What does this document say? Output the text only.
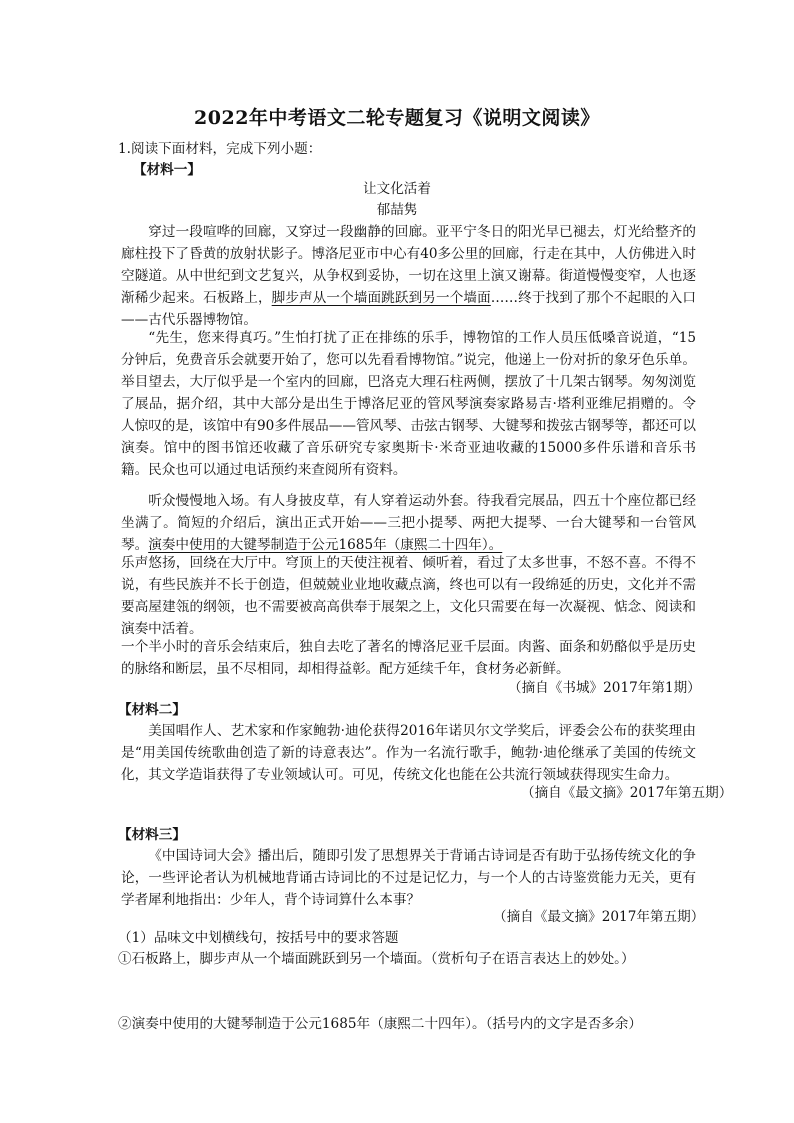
2022年中考语文二轮专题复习《说明文阅读》
1.阅读下面材料，完成下列小题：
【材料一】
让文化活着
郁喆隽
穿过一段喧哗的回廊，又穿过一段幽静的回廊。亚平宁冬日的阳光早已褪去，灯光给整齐的廊柱投下了昏黄的放射状影子。博洛尼亚市中心有40多公里的回廊，行走在其中，人仿佛进入时空隧道。从中世纪到文艺复兴，从争权到妥协，一切在这里上演又谢幕。街道慢慢变窄，人也逐渐稀少起来。石板路上，脚步声从一个墙面跳跃到另一个墙面……终于找到了那个不起眼的入口——古代乐器博物馆。
“先生，您来得真巧。”生怕打扰了正在排练的乐手，博物馆的工作人员压低嗓音说道，“15分钟后，免费音乐会就要开始了，您可以先看看博物馆。”说完，他递上一份对折的象牙色乐单。举目望去，大厅似乎是一个室内的回廊，巴洛克大理石柱两侧，摆放了十几架古钢琴。匆匆浏览了展品，据介绍，其中大部分是出生于博洛尼亚的管风琴演奏家路易吉·塔利亚维尼捐赠的。令人惊叹的是，该馆中有90多件展品——管风琴、击弦古钢琴、大键琴和拨弦古钢琴等，都还可以演奏。馆中的图书馆还收藏了音乐研究专家奥斯卡·米奇亚迪收藏的15000多件乐谱和音乐书籍。民众也可以通过电话预约来查阅所有资料。
听众慢慢地入场。有人身披皮草，有人穿着运动外套。待我看完展品，四五十个座位都已经坐满了。简短的介绍后，演出正式开始——三把小提琴、两把大提琴、一台大键琴和一台管风琴。演奏中使用的大键琴制造于公元1685年（康熙二十四年）。
乐声悠扬，回绕在大厅中。穹顶上的天使注视着、倾听着，看过了太多世事，不怒不喜。不得不说，有些民族并不长于创造，但兢兢业业地收藏点滴，终也可以有一段绵延的历史，文化并不需要高屋建瓴的纲领，也不需要被高高供奉于展架之上，文化只需要在每一次凝视、惦念、阅读和演奏中活着。
一个半小时的音乐会结束后，独自去吃了著名的博洛尼亚千层面。肉酱、面条和奶酪似乎是历史的脉络和断层，虽不尽相同，却相得益彰。配方延续千年，食材务必新鲜。
（摘自《书城》2017年第1期）
【材料二】
美国唱作人、艺术家和作家鲍勃·迪伦获得2016年诺贝尔文学奖后，评委会公布的获奖理由是“用美国传统歌曲创造了新的诗意表达”。作为一名流行歌手，鲍勃·迪伦继承了美国的传统文化，其文学造诣获得了专业领域认可。可见，传统文化也能在公共流行领域获得现实生命力。
（摘自《最文摘》2017年第五期）
【材料三】
《中国诗词大会》播出后，随即引发了思想界关于背诵古诗词是否有助于弘扬传统文化的争论，一些评论者认为机械地背诵古诗词比的不过是记忆力，与一个人的古诗鉴赏能力无关，更有学者犀利地指出：少年人，背个诗词算什么本事？
（摘自《最文摘》2017年第五期）
（1）品味文中划横线句，按括号中的要求答题
①石板路上，脚步声从一个墙面跳跃到另一个墙面。（赏析句子在语言表达上的妙处。）
②演奏中使用的大键琴制造于公元1685年（康熙二十四年）。（括号内的文字是否多余）
